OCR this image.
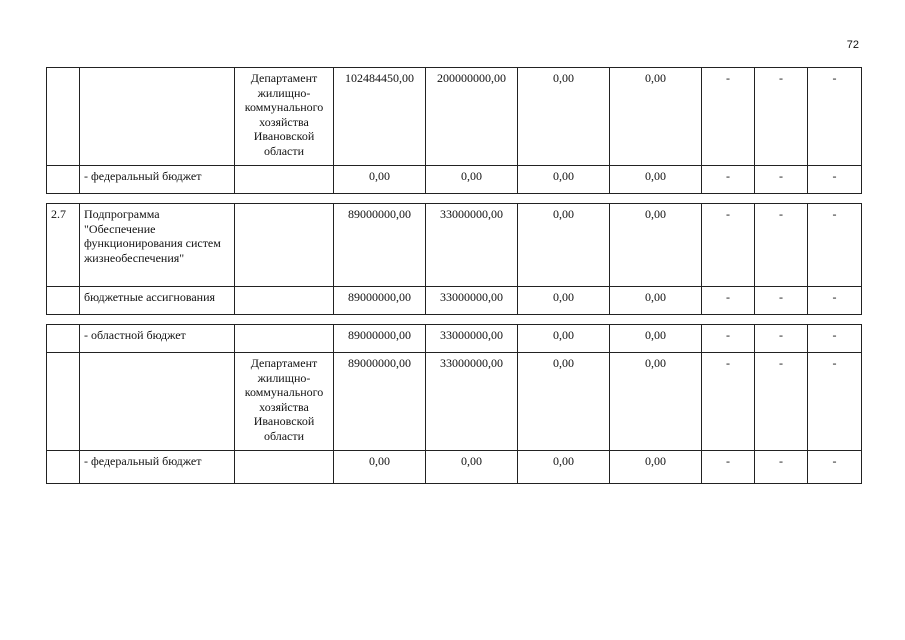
72
		Департамент жилищно-коммунального хозяйства Ивановской области	102484450,00	200000000,00	0,00	0,00	-	-	-
	- федеральный бюджет		0,00	0,00	0,00	0,00	-	-	-

2.7	Подпрограмма "Обеспечение функционирования систем жизнеобеспечения"		89000000,00	33000000,00	0,00	0,00	-	-	-
	бюджетные ассигнования		89000000,00	33000000,00	0,00	0,00	-	-	-

	- областной бюджет		89000000,00	33000000,00	0,00	0,00	-	-	-
		Департамент жилищно-коммунального хозяйства Ивановской области	89000000,00	33000000,00	0,00	0,00	-	-	-
	- федеральный бюджет		0,00	0,00	0,00	0,00	-	-	-
